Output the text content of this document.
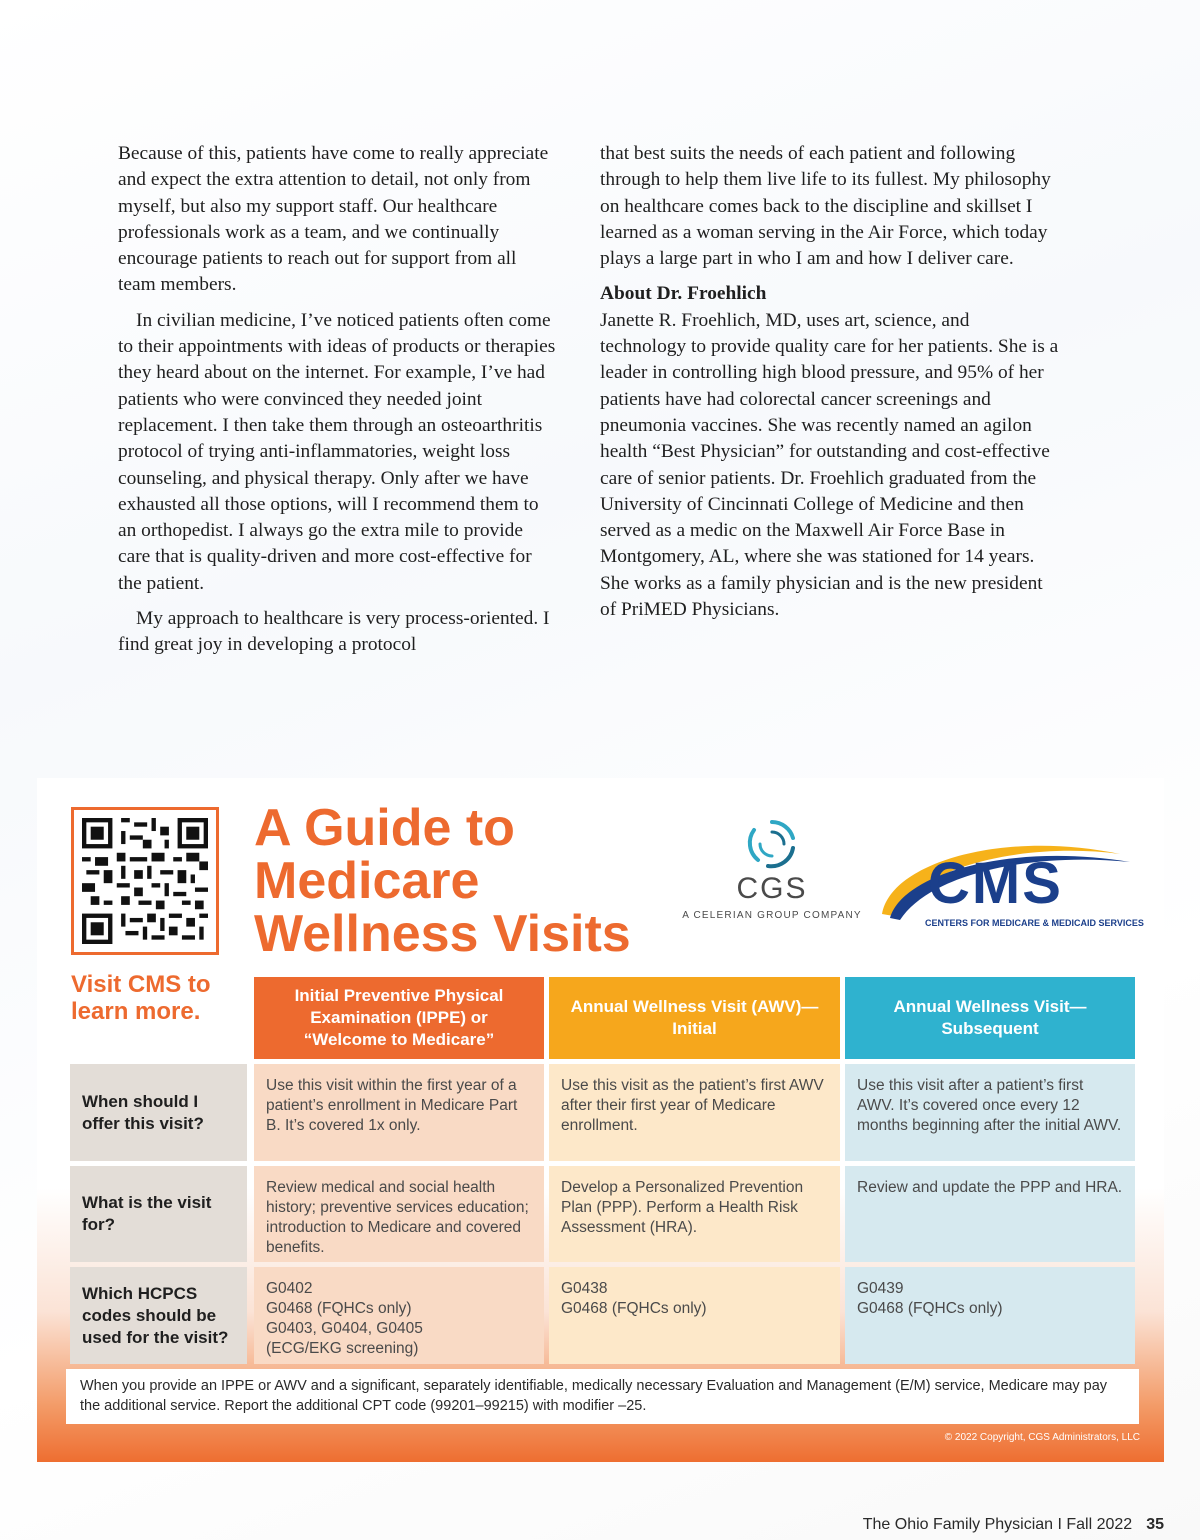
Because of this, patients have come to really appreciate and expect the extra attention to detail, not only from myself, but also my support staff. Our healthcare professionals work as a team, and we continually encourage patients to reach out for support from all team members.

In civilian medicine, I’ve noticed patients often come to their appointments with ideas of products or therapies they heard about on the internet. For example, I’ve had patients who were convinced they needed joint replacement. I then take them through an osteoarthritis protocol of trying anti-inflammatories, weight loss counseling, and physical therapy. Only after we have exhausted all those options, will I recommend them to an orthopedist. I always go the extra mile to provide care that is quality-driven and more cost-effective for the patient.

My approach to healthcare is very process-oriented. I find great joy in developing a protocol

that best suits the needs of each patient and following through to help them live life to its fullest. My philosophy on healthcare comes back to the discipline and skillset I learned as a woman serving in the Air Force, which today plays a large part in who I am and how I deliver care.

About Dr. Froehlich

Janette R. Froehlich, MD, uses art, science, and technology to provide quality care for her patients. She is a leader in controlling high blood pressure, and 95% of her patients have had colorectal cancer screenings and pneumonia vaccines. She was recently named an agilon health “Best Physician” for outstanding and cost-effective care of senior patients. Dr. Froehlich graduated from the University of Cincinnati College of Medicine and then served as a medic on the Maxwell Air Force Base in Montgomery, AL, where she was stationed for 14 years. She works as a family physician and is the new president of PriMED Physicians.

Visit CMS to learn more.
A Guide to Medicare Wellness Visits
CGS
A CELERIAN GROUP COMPANY CMS
CENTERS FOR MEDICARE & MEDICAID SERVICES
Initial Preventive Physical Examination (IPPE) or “Welcome to Medicare”
Annual Wellness Visit (AWV)—Initial
Annual Wellness Visit—Subsequent
When should I offer this visit?
Use this visit within the first year of a patient’s enrollment in Medicare Part B. It’s covered 1x only.
Use this visit as the patient’s first AWV after their first year of Medicare enrollment.
Use this visit after a patient’s first AWV. It’s covered once every 12 months beginning after the initial AWV.
What is the visit for?
Review medical and social health history; preventive services education; introduction to Medicare and covered benefits.
Develop a Personalized Prevention Plan (PPP). Perform a Health Risk Assessment (HRA).
Review and update the PPP and HRA.
Which HCPCS codes should be used for the visit?
G0402
G0468 (FQHCs only)
G0403, G0404, G0405
(ECG/EKG screening)
G0438
G0468 (FQHCs only)
G0439
G0468 (FQHCs only)
When you provide an IPPE or AWV and a significant, separately identifiable, medically necessary Evaluation and Management (E/M) service, Medicare may pay the additional service. Report the additional CPT code (99201–99215) with modifier –25.
© 2022 Copyright, CGS Administrators, LLC
The Ohio Family Physician I Fall 2022 35
